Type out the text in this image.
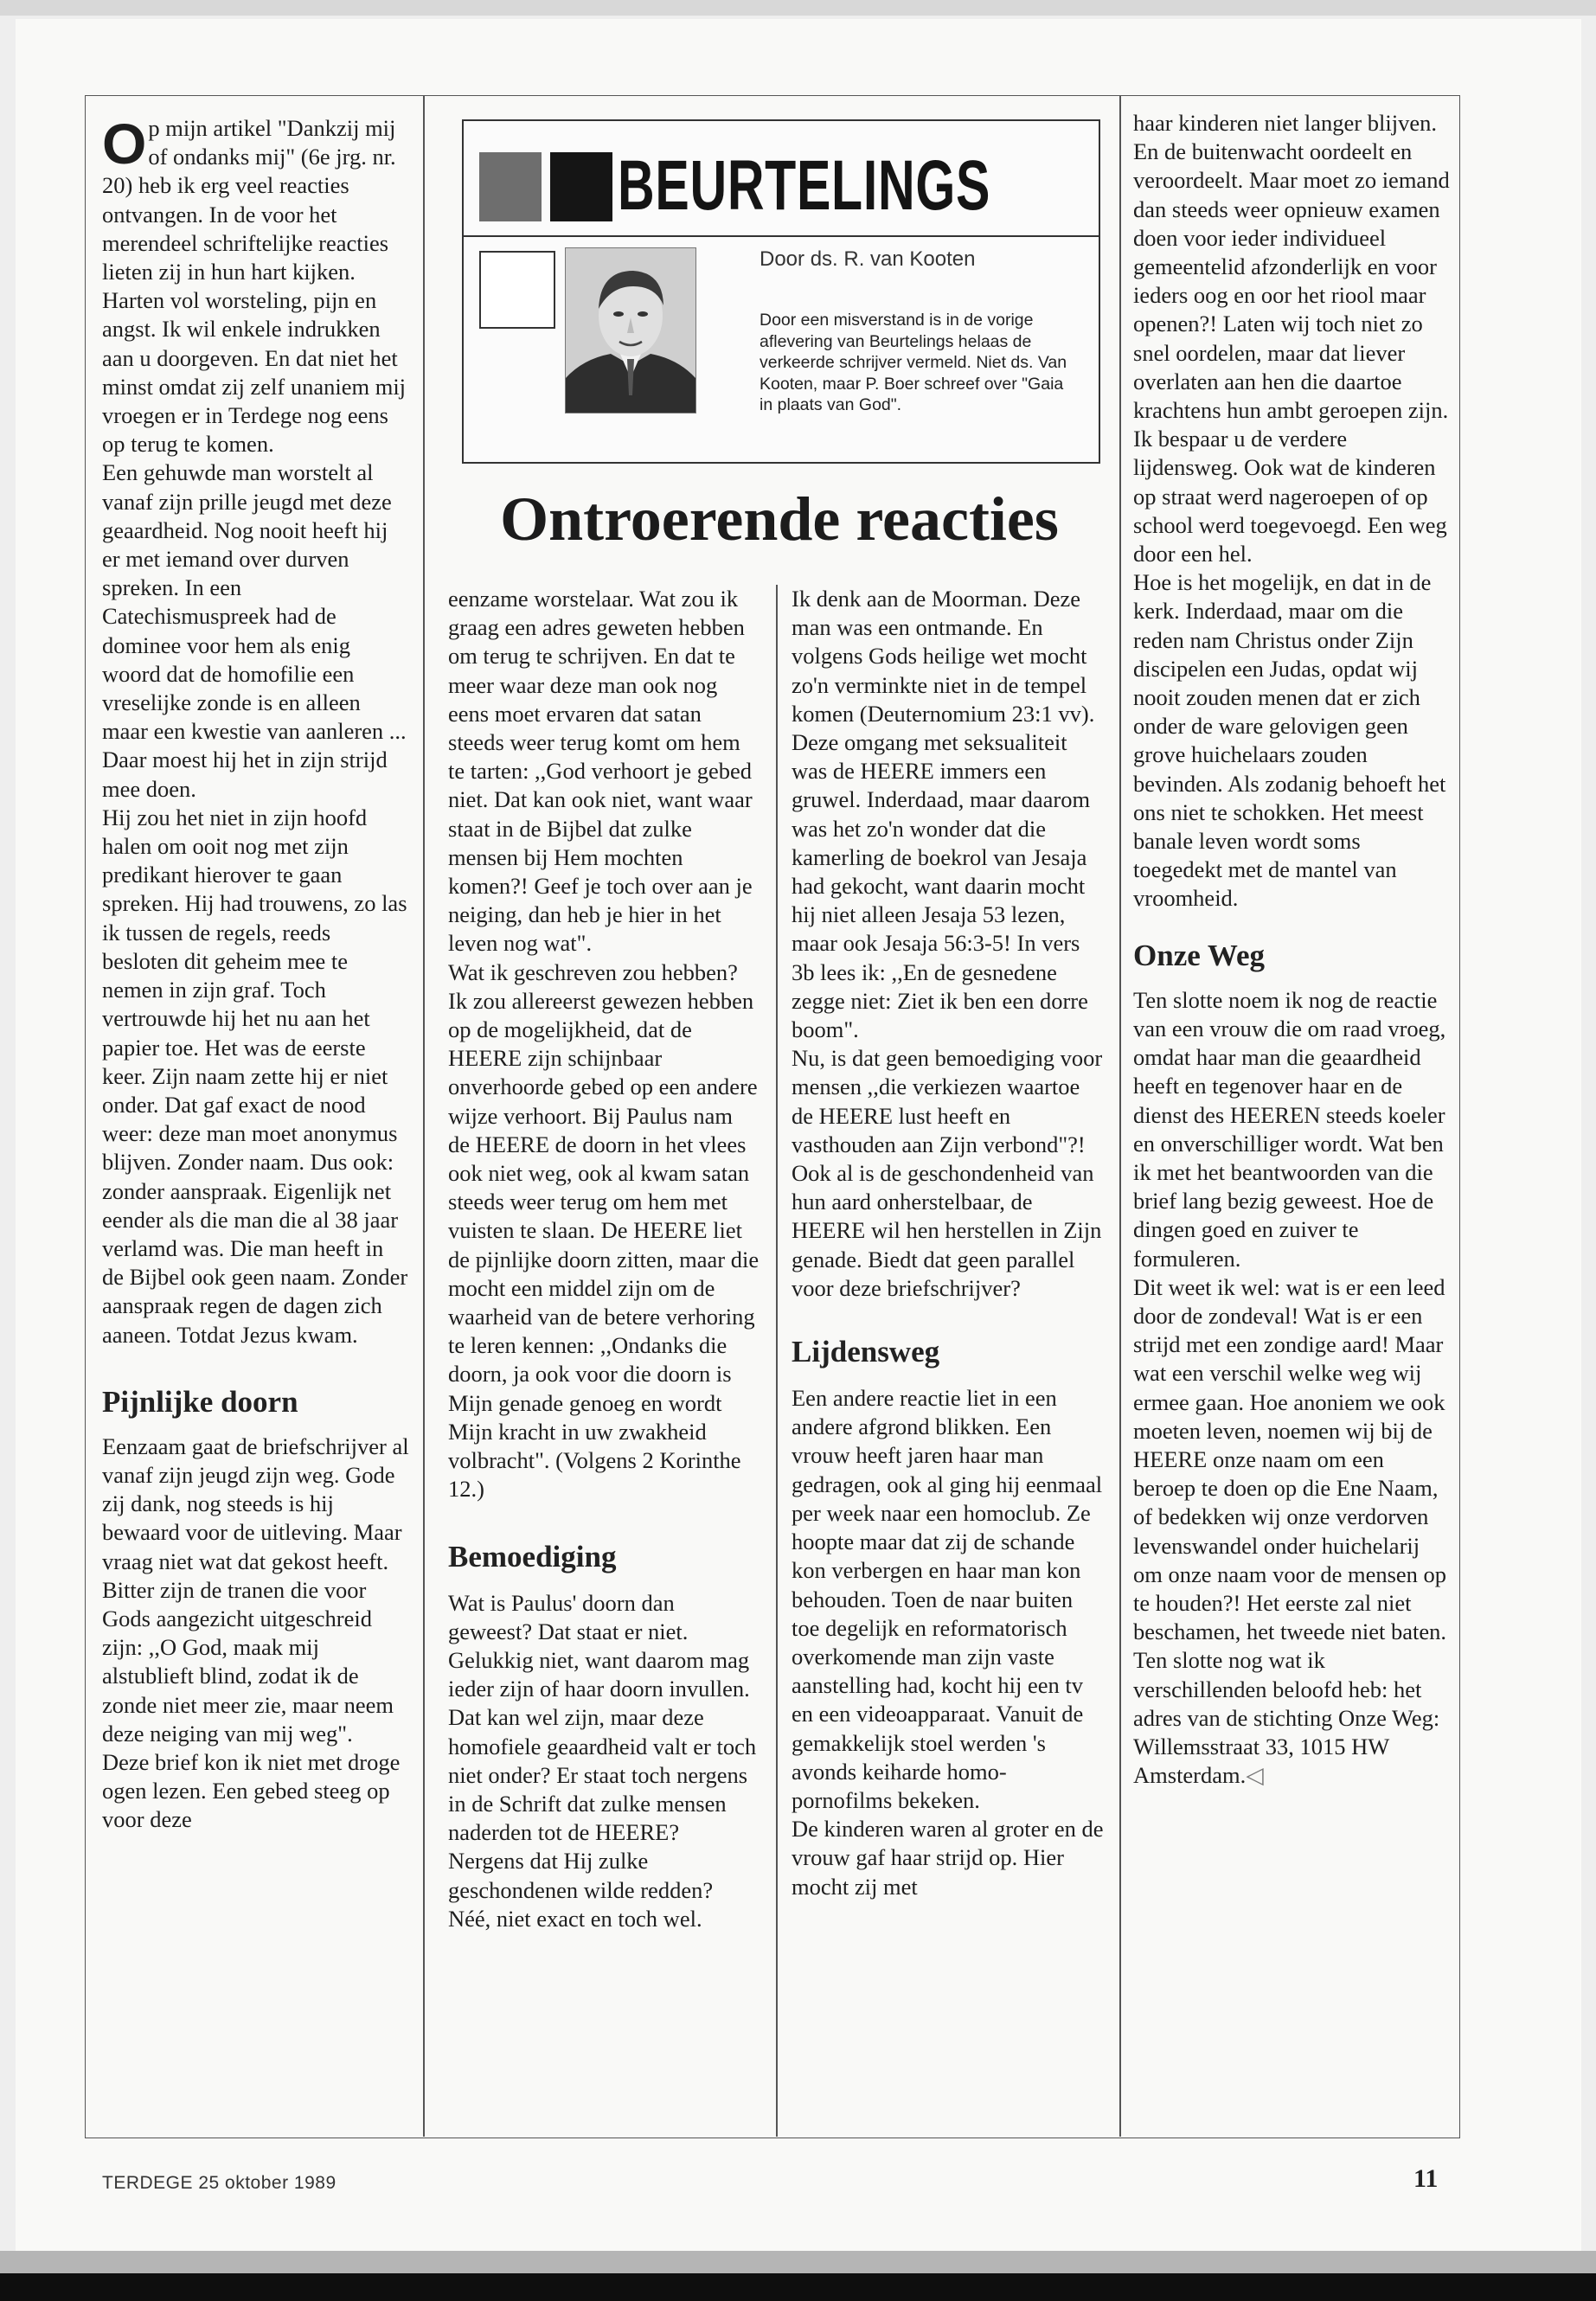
BEURTELINGS
Door ds. R. van Kooten

Door een misverstand is in de vorige aflevering van Beurtelings helaas de verkeerde schrijver vermeld. Niet ds. Van Kooten, maar P. Boer schreef over "Gaia in plaats van God".

Ontroerende reacties

Op mijn artikel "Dankzij mij of ondanks mij" (6e jrg. nr. 20) heb ik erg veel reacties ontvangen. In de voor het merendeel schriftelijke reacties lieten zij in hun hart kijken. Harten vol worsteling, pijn en angst. Ik wil enkele indrukken aan u doorgeven. En dat niet het minst omdat zij zelf unaniem mij vroegen er in Terdege nog eens op terug te komen.

Een gehuwde man worstelt al vanaf zijn prille jeugd met deze geaardheid. Nog nooit heeft hij er met iemand over durven spreken. In een Catechismuspreek had de dominee voor hem als enig woord dat de homofilie een vreselijke zonde is en alleen maar een kwestie van aanleren ... Daar moest hij het in zijn strijd mee doen.

Hij zou het niet in zijn hoofd halen om ooit nog met zijn predikant hierover te gaan spreken. Hij had trouwens, zo las ik tussen de regels, reeds besloten dit geheim mee te nemen in zijn graf. Toch vertrouwde hij het nu aan het papier toe. Het was de eerste keer. Zijn naam zette hij er niet onder. Dat gaf exact de nood weer: deze man moet anonymus blijven. Zonder naam. Dus ook: zonder aanspraak. Eigenlijk net eender als die man die al 38 jaar verlamd was. Die man heeft in de Bijbel ook geen naam. Zonder aanspraak regen de dagen zich aaneen. Totdat Jezus kwam.

Pijnlijke doorn

Eenzaam gaat de briefschrijver al vanaf zijn jeugd zijn weg. Gode zij dank, nog steeds is hij bewaard voor de uitleving. Maar vraag niet wat dat gekost heeft. Bitter zijn de tranen die voor Gods aangezicht uitgeschreid zijn: ,,O God, maak mij alstublieft blind, zodat ik de zonde niet meer zie, maar neem deze neiging van mij weg".

Deze brief kon ik niet met droge ogen lezen. Een gebed steeg op voor deze

eenzame worstelaar. Wat zou ik graag een adres geweten hebben om terug te schrijven. En dat te meer waar deze man ook nog eens moet ervaren dat satan steeds weer terug komt om hem te tarten: ,,God verhoort je gebed niet. Dat kan ook niet, want waar staat in de Bijbel dat zulke mensen bij Hem mochten komen?! Geef je toch over aan je neiging, dan heb je hier in het leven nog wat".

Wat ik geschreven zou hebben? Ik zou allereerst gewezen hebben op de mogelijkheid, dat de HEERE zijn schijnbaar onverhoorde gebed op een andere wijze verhoort. Bij Paulus nam de HEERE de doorn in het vlees ook niet weg, ook al kwam satan steeds weer terug om hem met vuisten te slaan. De HEERE liet de pijnlijke doorn zitten, maar die mocht een middel zijn om de waarheid van de betere verhoring te leren kennen: ,,Ondanks die doorn, ja ook voor die doorn is Mijn genade genoeg en wordt Mijn kracht in uw zwakheid volbracht". (Volgens 2 Korinthe 12.)

Bemoediging

Wat is Paulus' doorn dan geweest? Dat staat er niet. Gelukkig niet, want daarom mag ieder zijn of haar doorn invullen. Dat kan wel zijn, maar deze homofiele geaardheid valt er toch niet onder? Er staat toch nergens in de Schrift dat zulke mensen naderden tot de HEERE? Nergens dat Hij zulke geschondenen wilde redden?

Néé, niet exact en toch wel.

Ik denk aan de Moorman. Deze man was een ontmande. En volgens Gods heilige wet mocht zo'n verminkte niet in de tempel komen (Deuternomium 23:1 vv). Deze omgang met seksualiteit was de HEERE immers een gruwel. Inderdaad, maar daarom was het zo'n wonder dat die kamerling de boekrol van Jesaja had gekocht, want daarin mocht hij niet alleen Jesaja 53 lezen, maar ook Jesaja 56:3-5! In vers 3b lees ik: ,,En de gesnedene zegge niet: Ziet ik ben een dorre boom".

Nu, is dat geen bemoediging voor mensen ,,die verkiezen waartoe de HEERE lust heeft en vasthouden aan Zijn verbond"?! Ook al is de geschondenheid van hun aard onherstelbaar, de HEERE wil hen herstellen in Zijn genade. Biedt dat geen parallel voor deze briefschrijver?

Lijdensweg

Een andere reactie liet in een andere afgrond blikken. Een vrouw heeft jaren haar man gedragen, ook al ging hij eenmaal per week naar een homoclub. Ze hoopte maar dat zij de schande kon verbergen en haar man kon behouden. Toen de naar buiten toe degelijk en reformatorisch overkomende man zijn vaste aanstelling had, kocht hij een tv en een videoapparaat. Vanuit de gemakkelijk stoel werden 's avonds keiharde homo-pornofilms bekeken.

De kinderen waren al groter en de vrouw gaf haar strijd op. Hier mocht zij met

haar kinderen niet langer blijven. En de buitenwacht oordeelt en veroordeelt. Maar moet zo iemand dan steeds weer opnieuw examen doen voor ieder individueel gemeentelid afzonderlijk en voor ieders oog en oor het riool maar openen?! Laten wij toch niet zo snel oordelen, maar dat liever overlaten aan hen die daartoe krachtens hun ambt geroepen zijn. Ik bespaar u de verdere lijdensweg. Ook wat de kinderen op straat werd nageroepen of op school werd toegevoegd. Een weg door een hel.

Hoe is het mogelijk, en dat in de kerk. Inderdaad, maar om die reden nam Christus onder Zijn discipelen een Judas, opdat wij nooit zouden menen dat er zich onder de ware gelovigen geen grove huichelaars zouden bevinden. Als zodanig behoeft het ons niet te schokken. Het meest banale leven wordt soms toegedekt met de mantel van vroomheid.

Onze Weg

Ten slotte noem ik nog de reactie van een vrouw die om raad vroeg, omdat haar man die geaardheid heeft en tegenover haar en de dienst des HEEREN steeds koeler en onverschilliger wordt. Wat ben ik met het beantwoorden van die brief lang bezig geweest. Hoe de dingen goed en zuiver te formuleren.

Dit weet ik wel: wat is er een leed door de zondeval! Wat is er een strijd met een zondige aard! Maar wat een verschil welke weg wij ermee gaan. Hoe anoniem we ook moeten leven, noemen wij bij de HEERE onze naam om een beroep te doen op die Ene Naam, of bedekken wij onze verdorven levenswandel onder huichelarij om onze naam voor de mensen op te houden?! Het eerste zal niet beschamen, het tweede niet baten.

Ten slotte nog wat ik verschillenden beloofd heb: het adres van de stichting Onze Weg: Willemsstraat 33, 1015 HW Amsterdam.◁

TERDEGE 25 oktober 1989	11
